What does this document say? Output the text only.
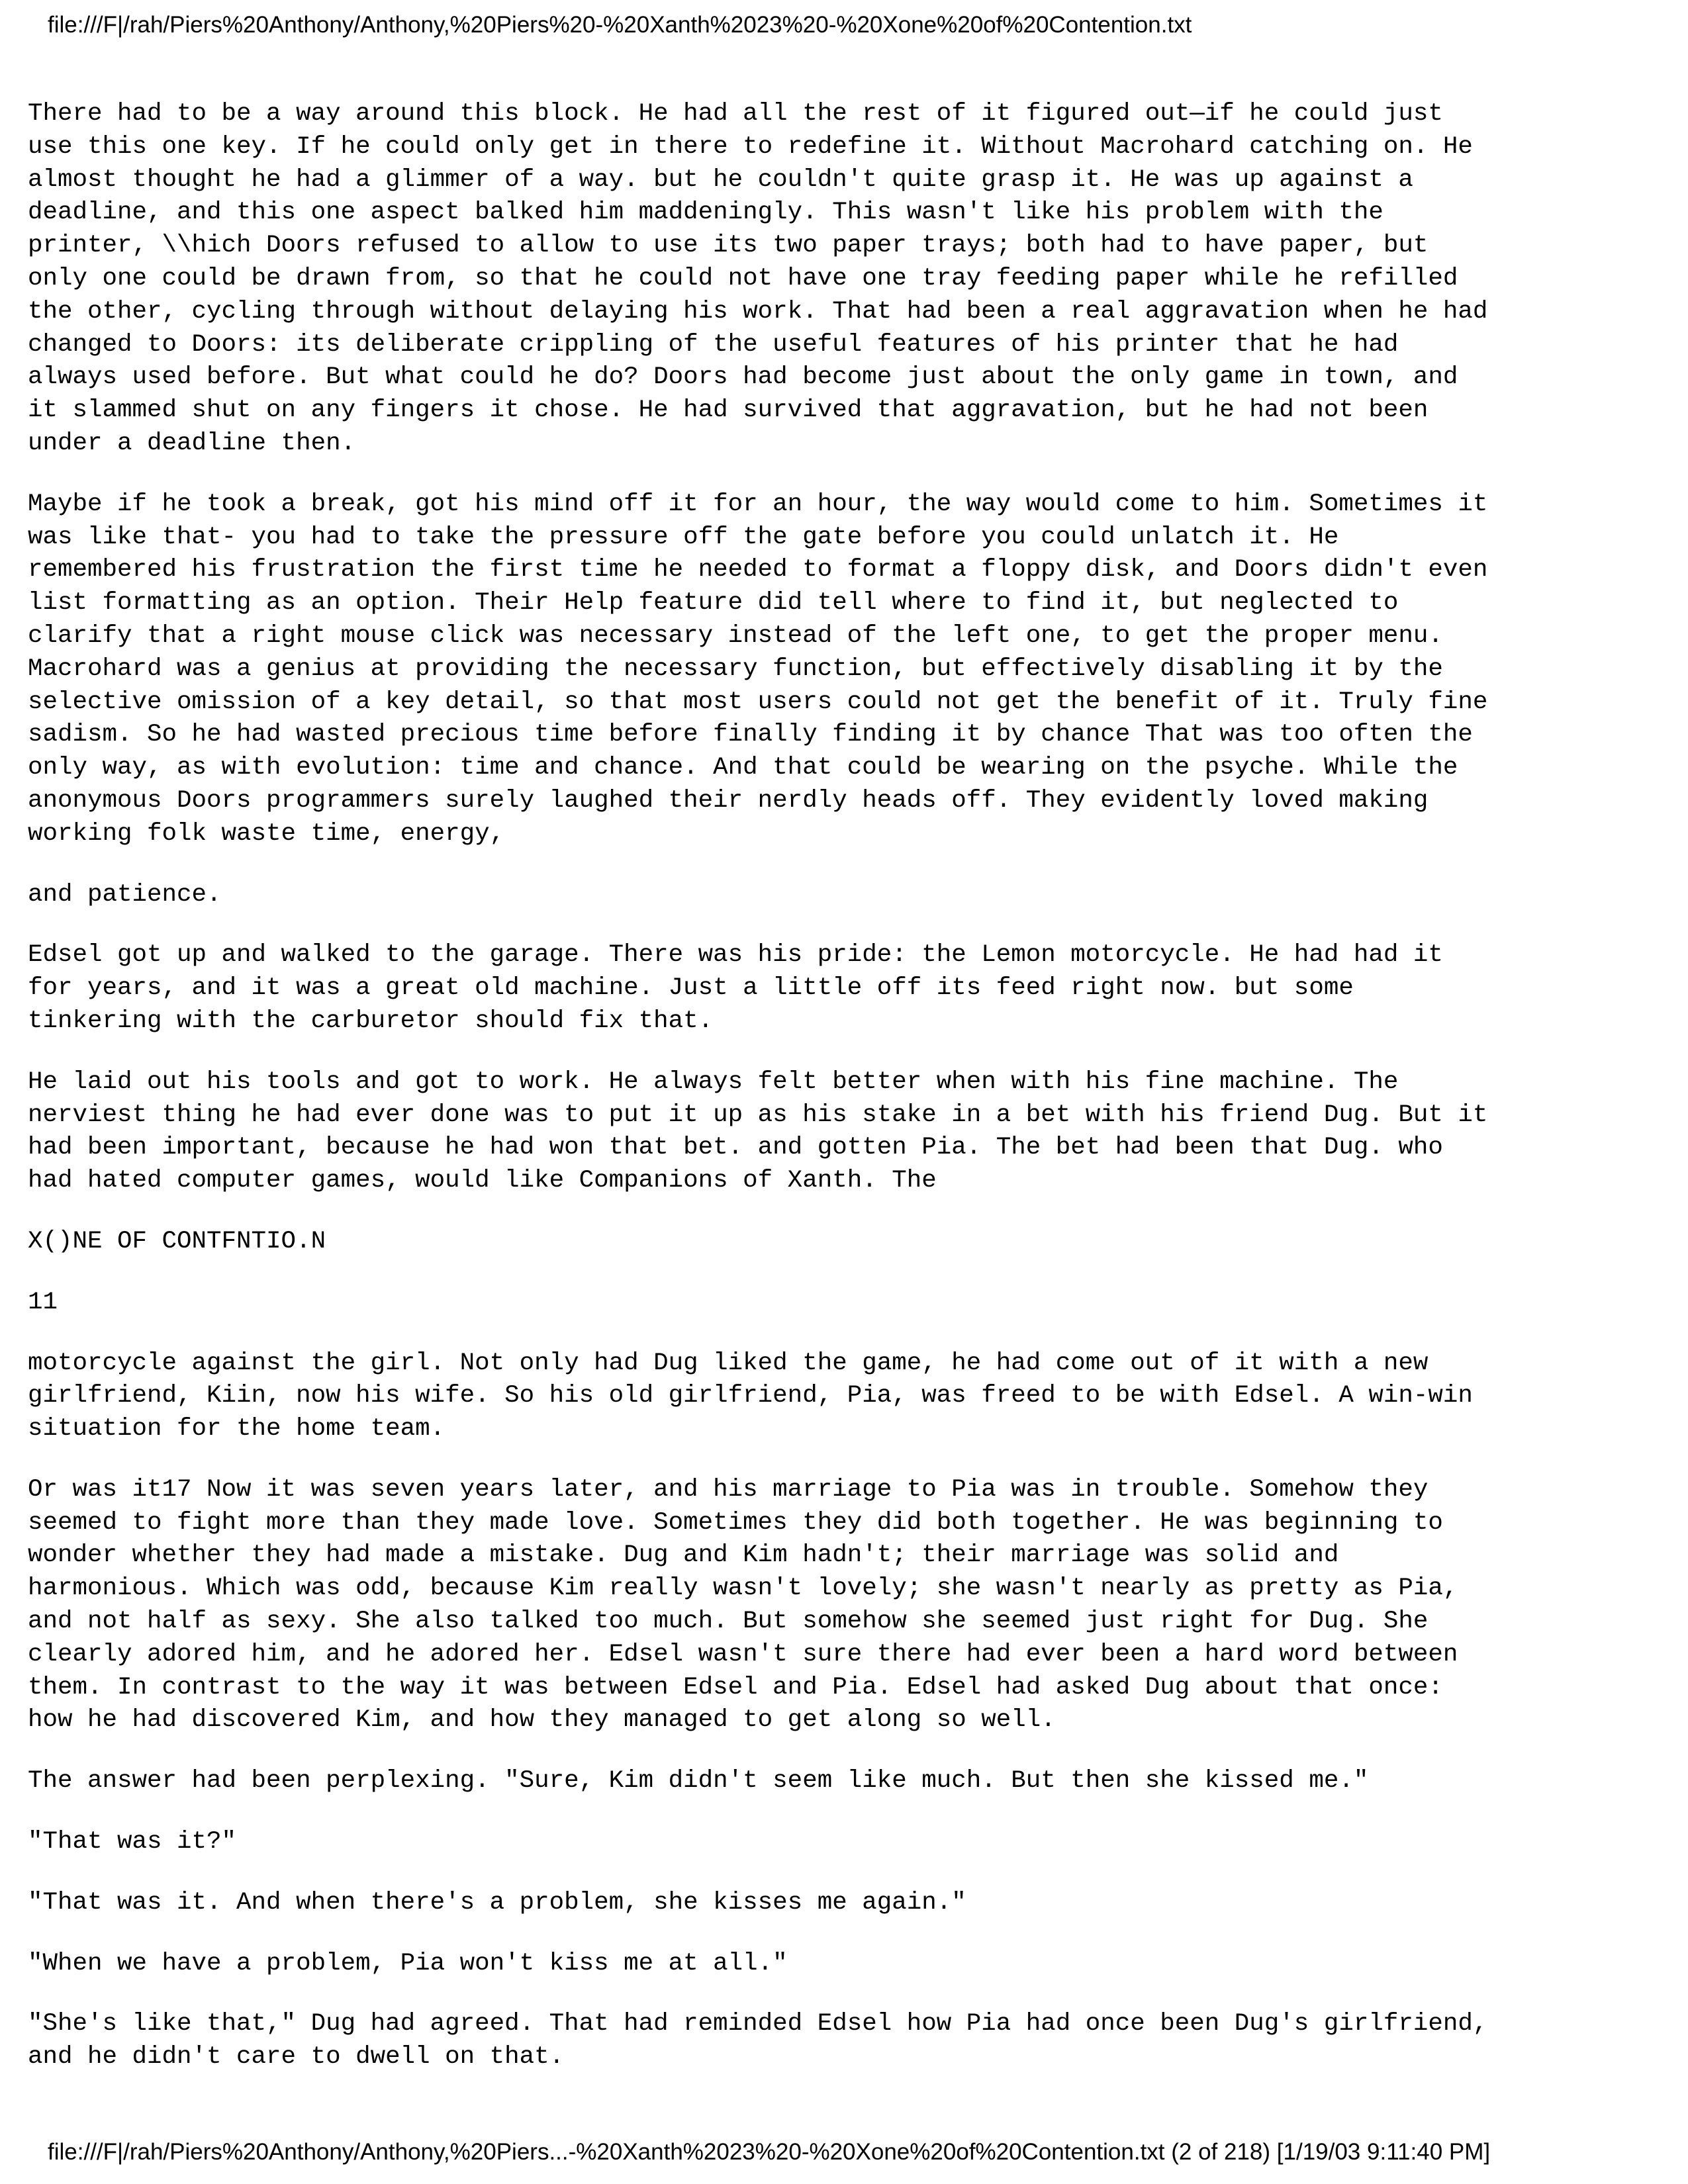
file:///F|/rah/Piers%20Anthony/Anthony,%20Piers%20-%20Xanth%2023%20-%20Xone%20of%20Contention.txt

There had to be a way around this block. He had all the rest of it figured out—if he could just
use this one key. If he could only get in there to redefine it. Without Macrohard catching on. He
almost thought he had a glimmer of a way. but he couldn't quite grasp it. He was up against a
deadline, and this one aspect balked him maddeningly. This wasn't like his problem with the
printer, \\hich Doors refused to allow to use its two paper trays; both had to have paper, but
only one could be drawn from, so that he could not have one tray feeding paper while he refilled
the other, cycling through without delaying his work. That had been a real aggravation when he had
changed to Doors: its deliberate crippling of the useful features of his printer that he had
always used before. But what could he do? Doors had become just about the only game in town, and
it slammed shut on any fingers it chose. He had survived that aggravation, but he had not been
under a deadline then.

Maybe if he took a break, got his mind off it for an hour, the way would come to him. Sometimes it
was like that- you had to take the pressure off the gate before you could unlatch it. He
remembered his frustration the first time he needed to format a floppy disk, and Doors didn't even
list formatting as an option. Their Help feature did tell where to find it, but neglected to
clarify that a right mouse click was necessary instead of the left one, to get the proper menu.
Macrohard was a genius at providing the necessary function, but effectively disabling it by the
selective omission of a key detail, so that most users could not get the benefit of it. Truly fine
sadism. So he had wasted precious time before finally finding it by chance That was too often the
only way, as with evolution: time and chance. And that could be wearing on the psyche. While the
anonymous Doors programmers surely laughed their nerdly heads off. They evidently loved making
working folk waste time, energy,

and patience.

Edsel got up and walked to the garage. There was his pride: the Lemon motorcycle. He had had it
for years, and it was a great old machine. Just a little off its feed right now. but some
tinkering with the carburetor should fix that.

He laid out his tools and got to work. He always felt better when with his fine machine. The
nerviest thing he had ever done was to put it up as his stake in a bet with his friend Dug. But it
had been important, because he had won that bet. and gotten Pia. The bet had been that Dug. who
had hated computer games, would like Companions of Xanth. The

X()NE OF CONTFNTIO.N

11

motorcycle against the girl. Not only had Dug liked the game, he had come out of it with a new
girlfriend, Kiin, now his wife. So his old girlfriend, Pia, was freed to be with Edsel. A win-win
situation for the home team.

Or was it17 Now it was seven years later, and his marriage to Pia was in trouble. Somehow they
seemed to fight more than they made love. Sometimes they did both together. He was beginning to
wonder whether they had made a mistake. Dug and Kim hadn't; their marriage was solid and
harmonious. Which was odd, because Kim really wasn't lovely; she wasn't nearly as pretty as Pia,
and not half as sexy. She also talked too much. But somehow she seemed just right for Dug. She
clearly adored him, and he adored her. Edsel wasn't sure there had ever been a hard word between
them. In contrast to the way it was between Edsel and Pia. Edsel had asked Dug about that once:
how he had discovered Kim, and how they managed to get along so well.

The answer had been perplexing. "Sure, Kim didn't seem like much. But then she kissed me."

"That was it?"

"That was it. And when there's a problem, she kisses me again."

"When we have a problem, Pia won't kiss me at all."

"She's like that," Dug had agreed. That had reminded Edsel how Pia had once been Dug's girlfriend,
and he didn't care to dwell on that.

file:///F|/rah/Piers%20Anthony/Anthony,%20Piers...-%20Xanth%2023%20-%20Xone%20of%20Contention.txt (2 of 218) [1/19/03 9:11:40 PM]
